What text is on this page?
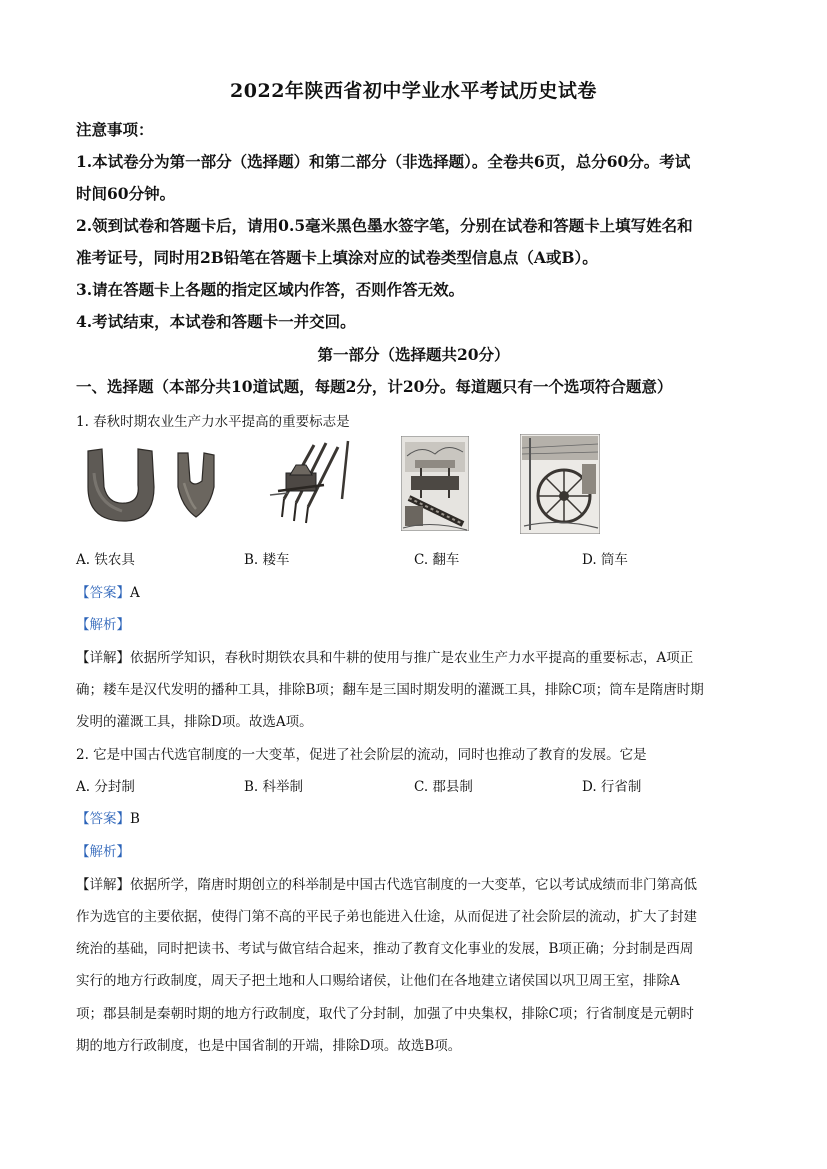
2022年陕西省初中学业水平考试历史试卷
注意事项：
1.本试卷分为第一部分（选择题）和第二部分（非选择题）。全卷共6页，总分60分。考试
时间60分钟。
2.领到试卷和答题卡后，请用0.5毫米黑色墨水签字笔，分别在试卷和答题卡上填写姓名和
准考证号，同时用2B铅笔在答题卡上填涂对应的试卷类型信息点（A或B）。
3.请在答题卡上各题的指定区域内作答，否则作答无效。
4.考试结束，本试卷和答题卡一并交回。
第一部分（选择题共20分）
一、选择题（本部分共10道试题，每题2分，计20分。每道题只有一个选项符合题意）
1. 春秋时期农业生产力水平提高的重要标志是
A. 铁农具	B. 耧车	C. 翻车	D. 筒车
【答案】A
【解析】
【详解】依据所学知识，春秋时期铁农具和牛耕的使用与推广是农业生产力水平提高的重要标志，A项正
确；耧车是汉代发明的播种工具，排除B项；翻车是三国时期发明的灌溉工具，排除C项；筒车是隋唐时期
发明的灌溉工具，排除D项。故选A项。
2. 它是中国古代选官制度的一大变革，促进了社会阶层的流动，同时也推动了教育的发展。它是
A. 分封制	B. 科举制	C. 郡县制	D. 行省制
【答案】B
【解析】
【详解】依据所学，隋唐时期创立的科举制是中国古代选官制度的一大变革，它以考试成绩而非门第高低
作为选官的主要依据，使得门第不高的平民子弟也能进入仕途，从而促进了社会阶层的流动，扩大了封建
统治的基础，同时把读书、考试与做官结合起来，推动了教育文化事业的发展，B项正确；分封制是西周
实行的地方行政制度，周天子把土地和人口赐给诸侯，让他们在各地建立诸侯国以巩卫周王室，排除A
项；郡县制是秦朝时期的地方行政制度，取代了分封制，加强了中央集权，排除C项；行省制度是元朝时
期的地方行政制度，也是中国省制的开端，排除D项。故选B项。
